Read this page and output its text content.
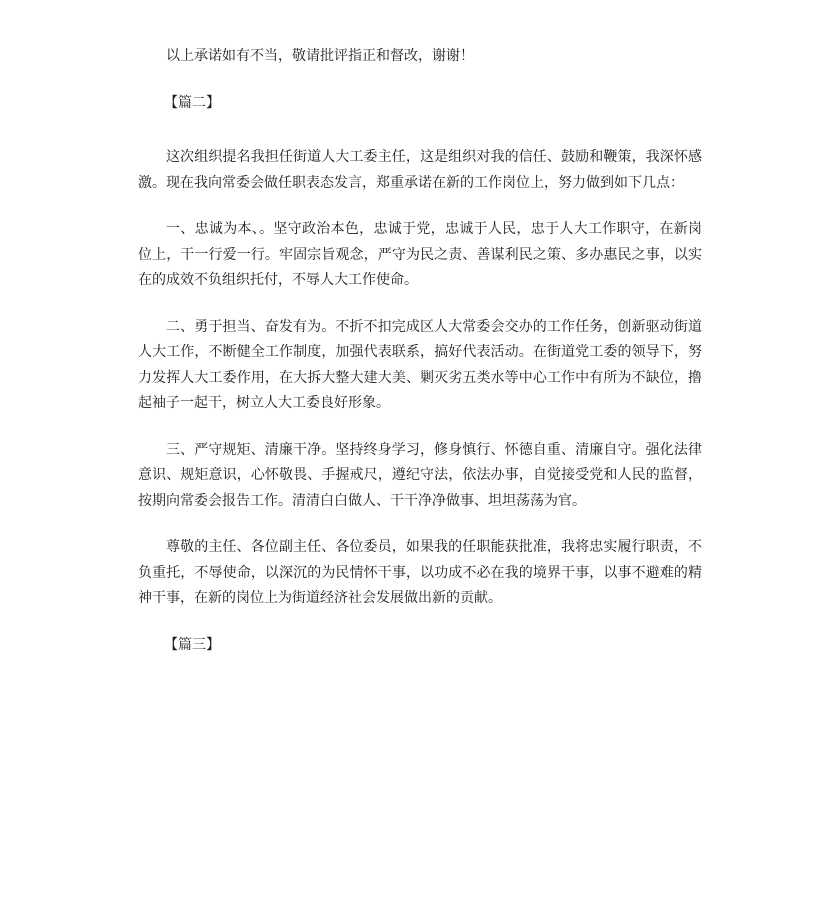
以上承诺如有不当，敬请批评指正和督改，谢谢！

【篇二】

这次组织提名我担任街道人大工委主任，这是组织对我的信任、鼓励和鞭策，我深怀感激。现在我向常委会做任职表态发言，郑重承诺在新的工作岗位上，努力做到如下几点：

一、忠诚为本、。坚守政治本色，忠诚于党，忠诚于人民，忠于人大工作职守，在新岗位上，干一行爱一行。牢固宗旨观念，严守为民之责、善谋利民之策、多办惠民之事，以实在的成效不负组织托付，不辱人大工作使命。

二、勇于担当、奋发有为。不折不扣完成区人大常委会交办的工作任务，创新驱动街道人大工作，不断健全工作制度，加强代表联系，搞好代表活动。在街道党工委的领导下，努力发挥人大工委作用，在大拆大整大建大美、剿灭劣五类水等中心工作中有所为不缺位，撸起袖子一起干，树立人大工委良好形象。

三、严守规矩、清廉干净。坚持终身学习，修身慎行、怀德自重、清廉自守。强化法律意识、规矩意识，心怀敬畏、手握戒尺，遵纪守法，依法办事，自觉接受党和人民的监督，按期向常委会报告工作。清清白白做人、干干净净做事、坦坦荡荡为官。

尊敬的主任、各位副主任、各位委员，如果我的任职能获批准，我将忠实履行职责，不负重托，不辱使命，以深沉的为民情怀干事，以功成不必在我的境界干事，以事不避难的精神干事，在新的岗位上为街道经济社会发展做出新的贡献。

【篇三】
